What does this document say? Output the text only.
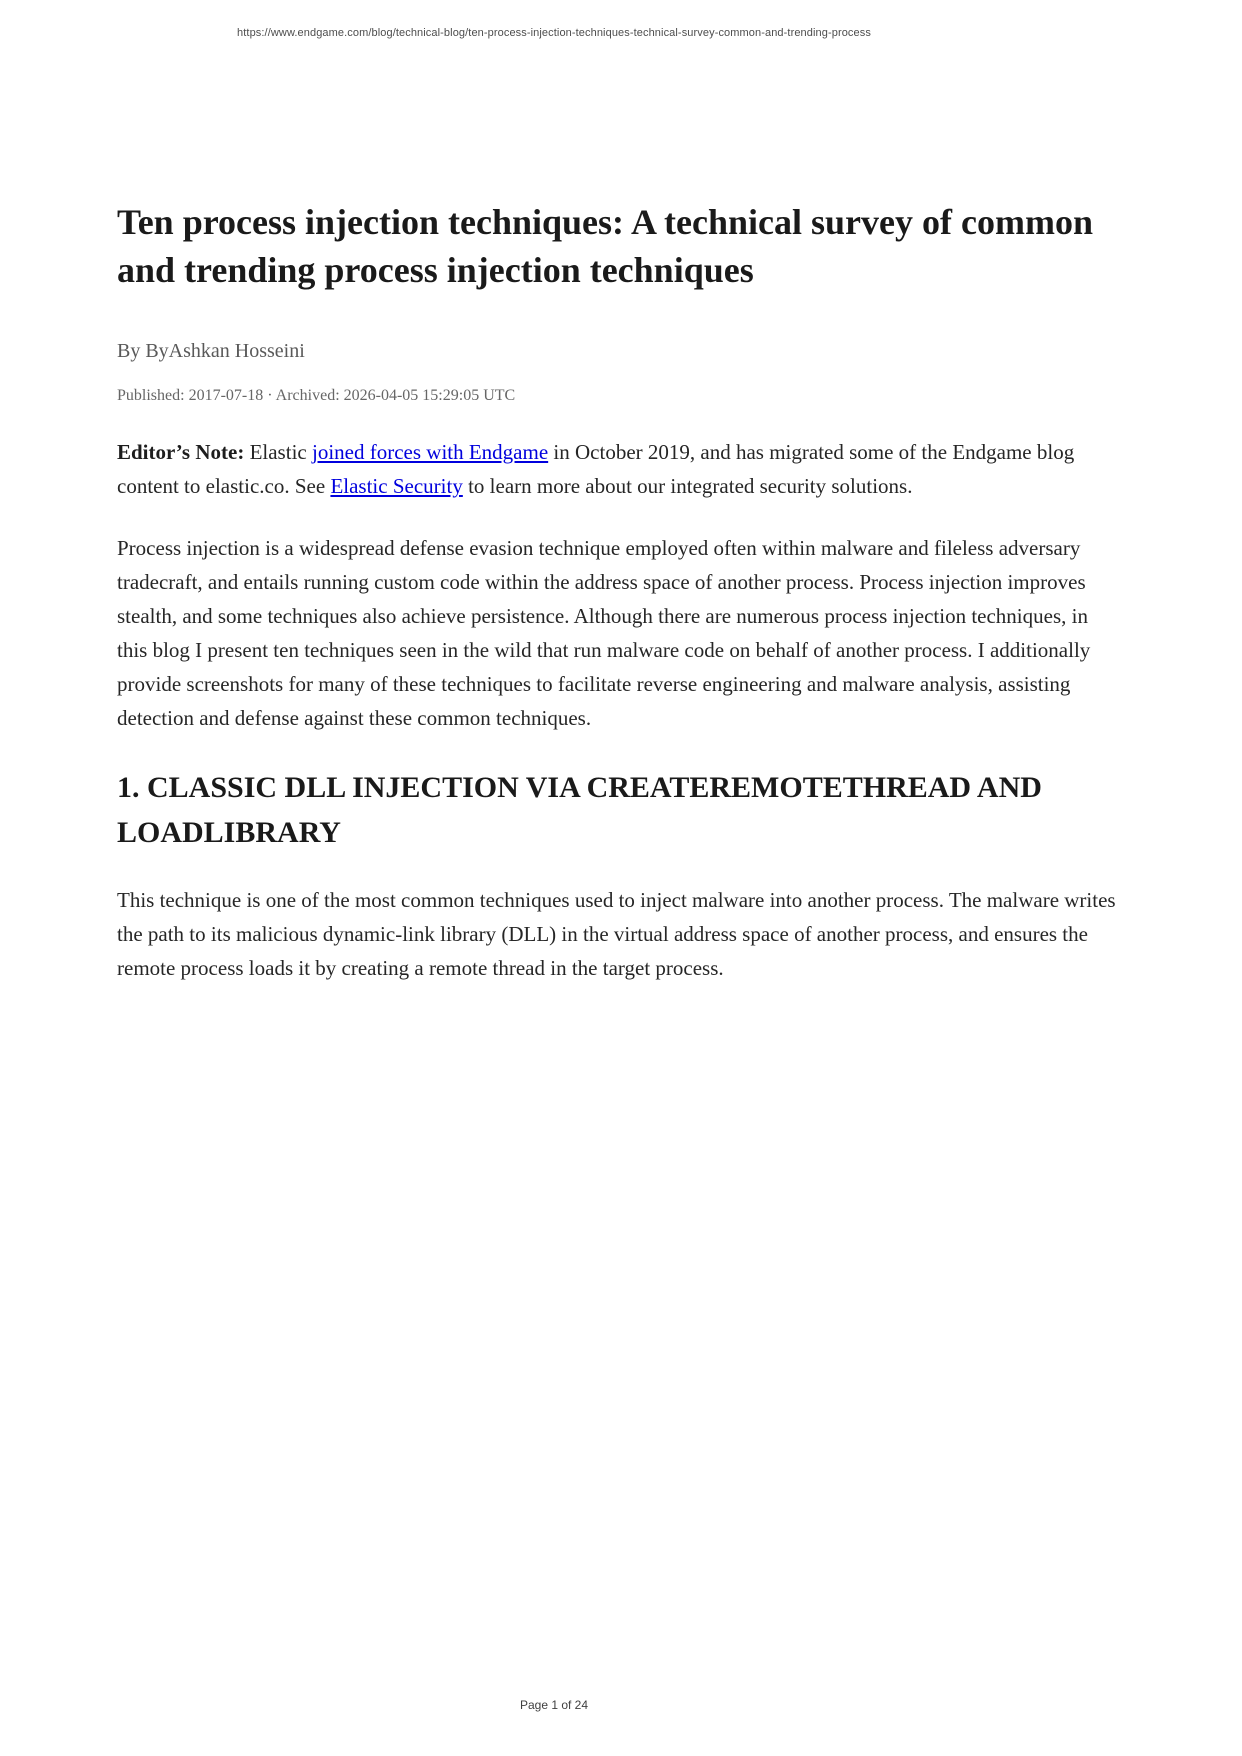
https://www.endgame.com/blog/technical-blog/ten-process-injection-techniques-technical-survey-common-and-trending-process
Ten process injection techniques: A technical survey of common and trending process injection techniques
By ByAshkan Hosseini
Published: 2017-07-18 · Archived: 2026-04-05 15:29:05 UTC

Editor’s Note: Elastic joined forces with Endgame in October 2019, and has migrated some of the Endgame blog content to elastic.co. See Elastic Security to learn more about our integrated security solutions.

Process injection is a widespread defense evasion technique employed often within malware and fileless adversary tradecraft, and entails running custom code within the address space of another process. Process injection improves stealth, and some techniques also achieve persistence. Although there are numerous process injection techniques, in this blog I present ten techniques seen in the wild that run malware code on behalf of another process. I additionally provide screenshots for many of these techniques to facilitate reverse engineering and malware analysis, assisting detection and defense against these common techniques.

1. CLASSIC DLL INJECTION VIA CREATEREMOTETHREAD AND LOADLIBRARY

This technique is one of the most common techniques used to inject malware into another process. The malware writes the path to its malicious dynamic-link library (DLL) in the virtual address space of another process, and ensures the remote process loads it by creating a remote thread in the target process.

Page 1 of 24
